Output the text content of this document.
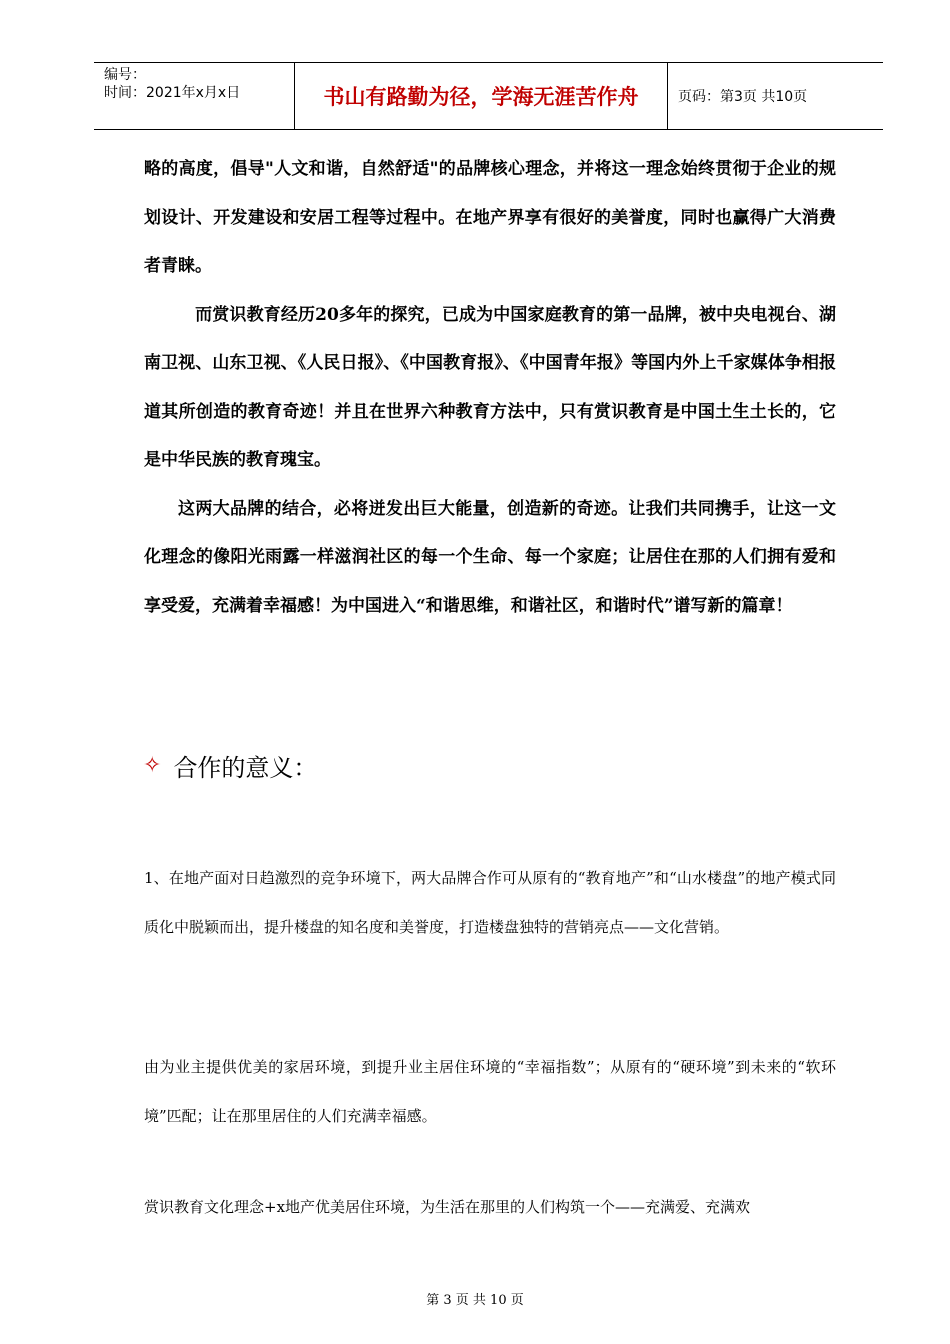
编号：
时间：2021年x月x日	书山有路勤为径，学海无涯苦作舟	页码：第3页 共10页

略的高度，倡导"人文和谐，自然舒适"的品牌核心理念，并将这一理念始终贯彻于企业的规划设计、开发建设和安居工程等过程中。在地产界享有很好的美誉度，同时也赢得广大消费者青睐。

　而赏识教育经历20多年的探究，已成为中国家庭教育的第一品牌，被中央电视台、湖南卫视、山东卫视、《人民日报》、《中国教育报》、《中国青年报》等国内外上千家媒体争相报道其所创造的教育奇迹！并且在世界六种教育方法中，只有赏识教育是中国土生土长的，它是中华民族的教育瑰宝。

这两大品牌的结合，必将迸发出巨大能量，创造新的奇迹。让我们共同携手，让这一文化理念的像阳光雨露一样滋润社区的每一个生命、每一个家庭；让居住在那的人们拥有爱和享受爱，充满着幸福感！为中国进入“和谐思维，和谐社区，和谐时代”谱写新的篇章！

✧ 合作的意义：

1、在地产面对日趋激烈的竞争环境下，两大品牌合作可从原有的“教育地产”和“山水楼盘”的地产模式同质化中脱颖而出，提升楼盘的知名度和美誉度，打造楼盘独特的营销亮点——文化营销。

由为业主提供优美的家居环境，到提升业主居住环境的“幸福指数”；从原有的“硬环境”到未来的“软环境”匹配；让在那里居住的人们充满幸福感。

赏识教育文化理念+x地产优美居住环境，为生活在那里的人们构筑一个——充满爱、充满欢

第 3 页 共 10 页
